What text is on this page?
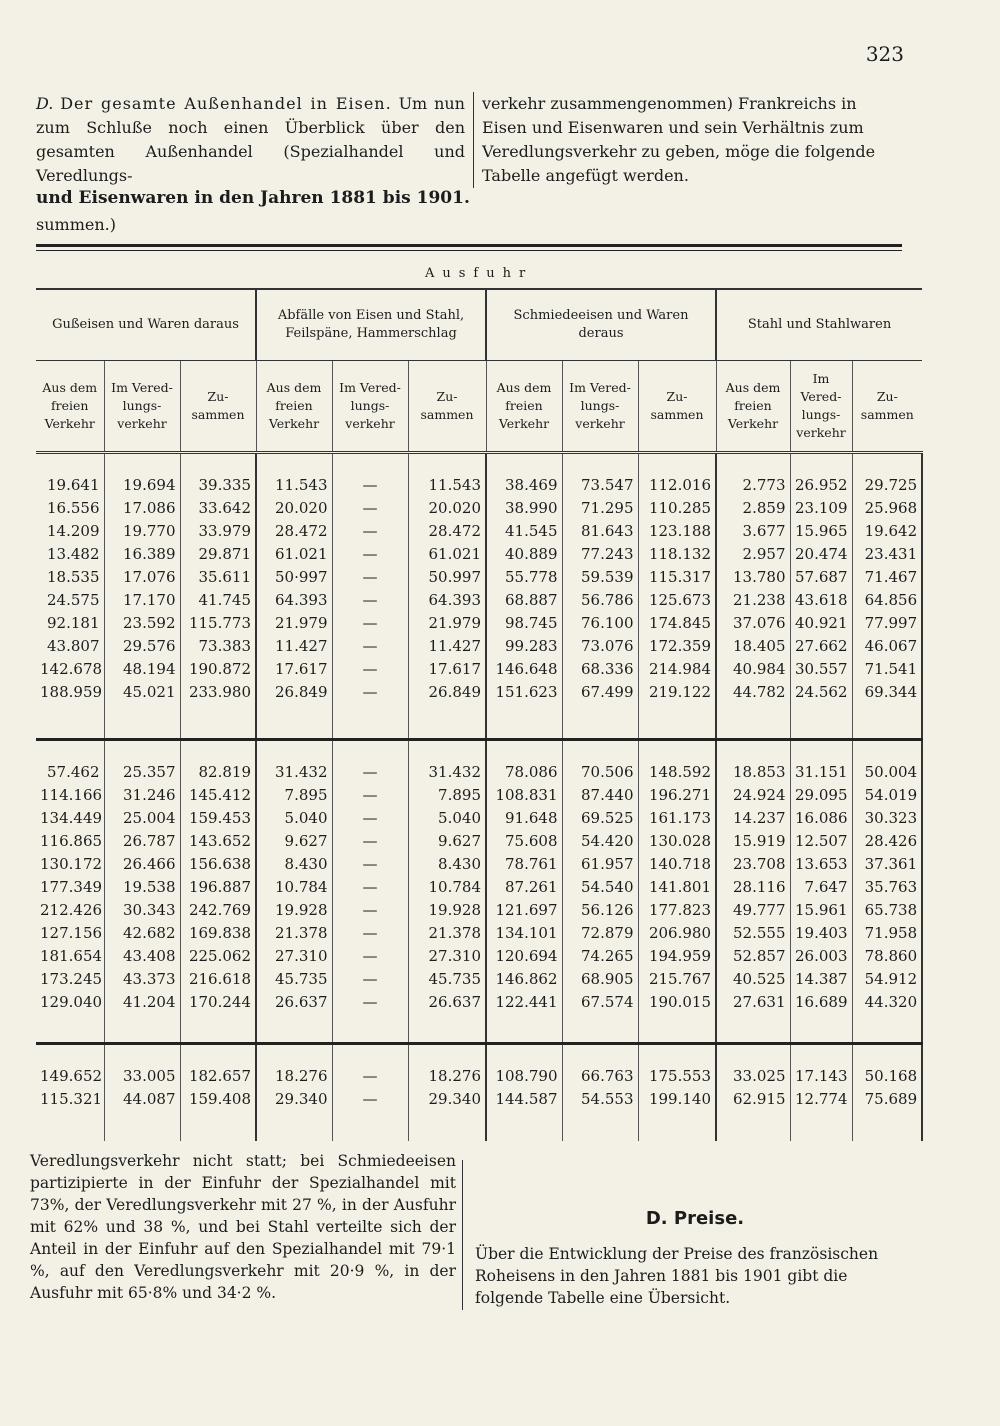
323
D. Der gesamte Außenhandel in Eisen. Um nun zum Schluße noch einen Überblick über den gesamten Außenhandel (Spezialhandel und Veredlungs-
verkehr zusammengenommen) Frankreichs in Eisen und Eisenwaren und sein Verhältnis zum Veredlungsverkehr zu geben, möge die folgende Tabelle angefügt werden.
und Eisenwaren in den Jahren 1881 bis 1901.
summen.)
Ausfuhr											
Gußeisen und Waren daraus			Abfälle von Eisen und Stahl, Feilspäne, Hammerschlag			Schmiedeeisen und Waren deraus			Stahl und Stahlwaren		
Aus dem freien Verkehr	Im Vered-lungs-verkehr	Zu-sammen	Aus dem freien Verkehr	Im Vered-lungs-verkehr	Zu-sammen	Aus dem freien Verkehr	Im Vered-lungs-verkehr	Zu-sammen	Aus dem freien Verkehr	Im Vered-lungs-verkehr	Zu-sammen

19.641	19.694	39.335	11.543	—	11.543	38.469	73.547	112.016	2.773	26.952	29.725
16.556	17.086	33.642	20.020	—	20.020	38.990	71.295	110.285	2.859	23.109	25.968
14.209	19.770	33.979	28.472	—	28.472	41.545	81.643	123.188	3.677	15.965	19.642
13.482	16.389	29.871	61.021	—	61.021	40.889	77.243	118.132	2.957	20.474	23.431
18.535	17.076	35.611	50·997	—	50.997	55.778	59.539	115.317	13.780	57.687	71.467
24.575	17.170	41.745	64.393	—	64.393	68.887	56.786	125.673	21.238	43.618	64.856
92.181	23.592	115.773	21.979	—	21.979	98.745	76.100	174.845	37.076	40.921	77.997
43.807	29.576	73.383	11.427	—	11.427	99.283	73.076	172.359	18.405	27.662	46.067
142.678	48.194	190.872	17.617	—	17.617	146.648	68.336	214.984	40.984	30.557	71.541
188.959	45.021	233.980	26.849	—	26.849	151.623	67.499	219.122	44.782	24.562	69.344

57.462	25.357	82.819	31.432	—	31.432	78.086	70.506	148.592	18.853	31.151	50.004
114.166	31.246	145.412	7.895	—	7.895	108.831	87.440	196.271	24.924	29.095	54.019
134.449	25.004	159.453	5.040	—	5.040	91.648	69.525	161.173	14.237	16.086	30.323
116.865	26.787	143.652	9.627	—	9.627	75.608	54.420	130.028	15.919	12.507	28.426
130.172	26.466	156.638	8.430	—	8.430	78.761	61.957	140.718	23.708	13.653	37.361
177.349	19.538	196.887	10.784	—	10.784	87.261	54.540	141.801	28.116	7.647	35.763
212.426	30.343	242.769	19.928	—	19.928	121.697	56.126	177.823	49.777	15.961	65.738
127.156	42.682	169.838	21.378	—	21.378	134.101	72.879	206.980	52.555	19.403	71.958
181.654	43.408	225.062	27.310	—	27.310	120.694	74.265	194.959	52.857	26.003	78.860
173.245	43.373	216.618	45.735	—	45.735	146.862	68.905	215.767	40.525	14.387	54.912
129.040	41.204	170.244	26.637	—	26.637	122.441	67.574	190.015	27.631	16.689	44.320

149.652	33.005	182.657	18.276	—	18.276	108.790	66.763	175.553	33.025	17.143	50.168
115.321	44.087	159.408	29.340	—	29.340	144.587	54.553	199.140	62.915	12.774	75.689

Veredlungsverkehr nicht statt; bei Schmiedeeisen partizipierte in der Einfuhr der Spezialhandel mit 73%, der Veredlungsverkehr mit 27 %, in der Ausfuhr mit 62% und 38 %, und bei Stahl verteilte sich der Anteil in der Einfuhr auf den Spezialhandel mit 79·1 %, auf den Veredlungsverkehr mit 20·9 %, in der Ausfuhr mit 65·8% und 34·2 %.
D. Preise.
Über die Entwicklung der Preise des französischen Roheisens in den Jahren 1881 bis 1901 gibt die folgende Tabelle eine Übersicht.
